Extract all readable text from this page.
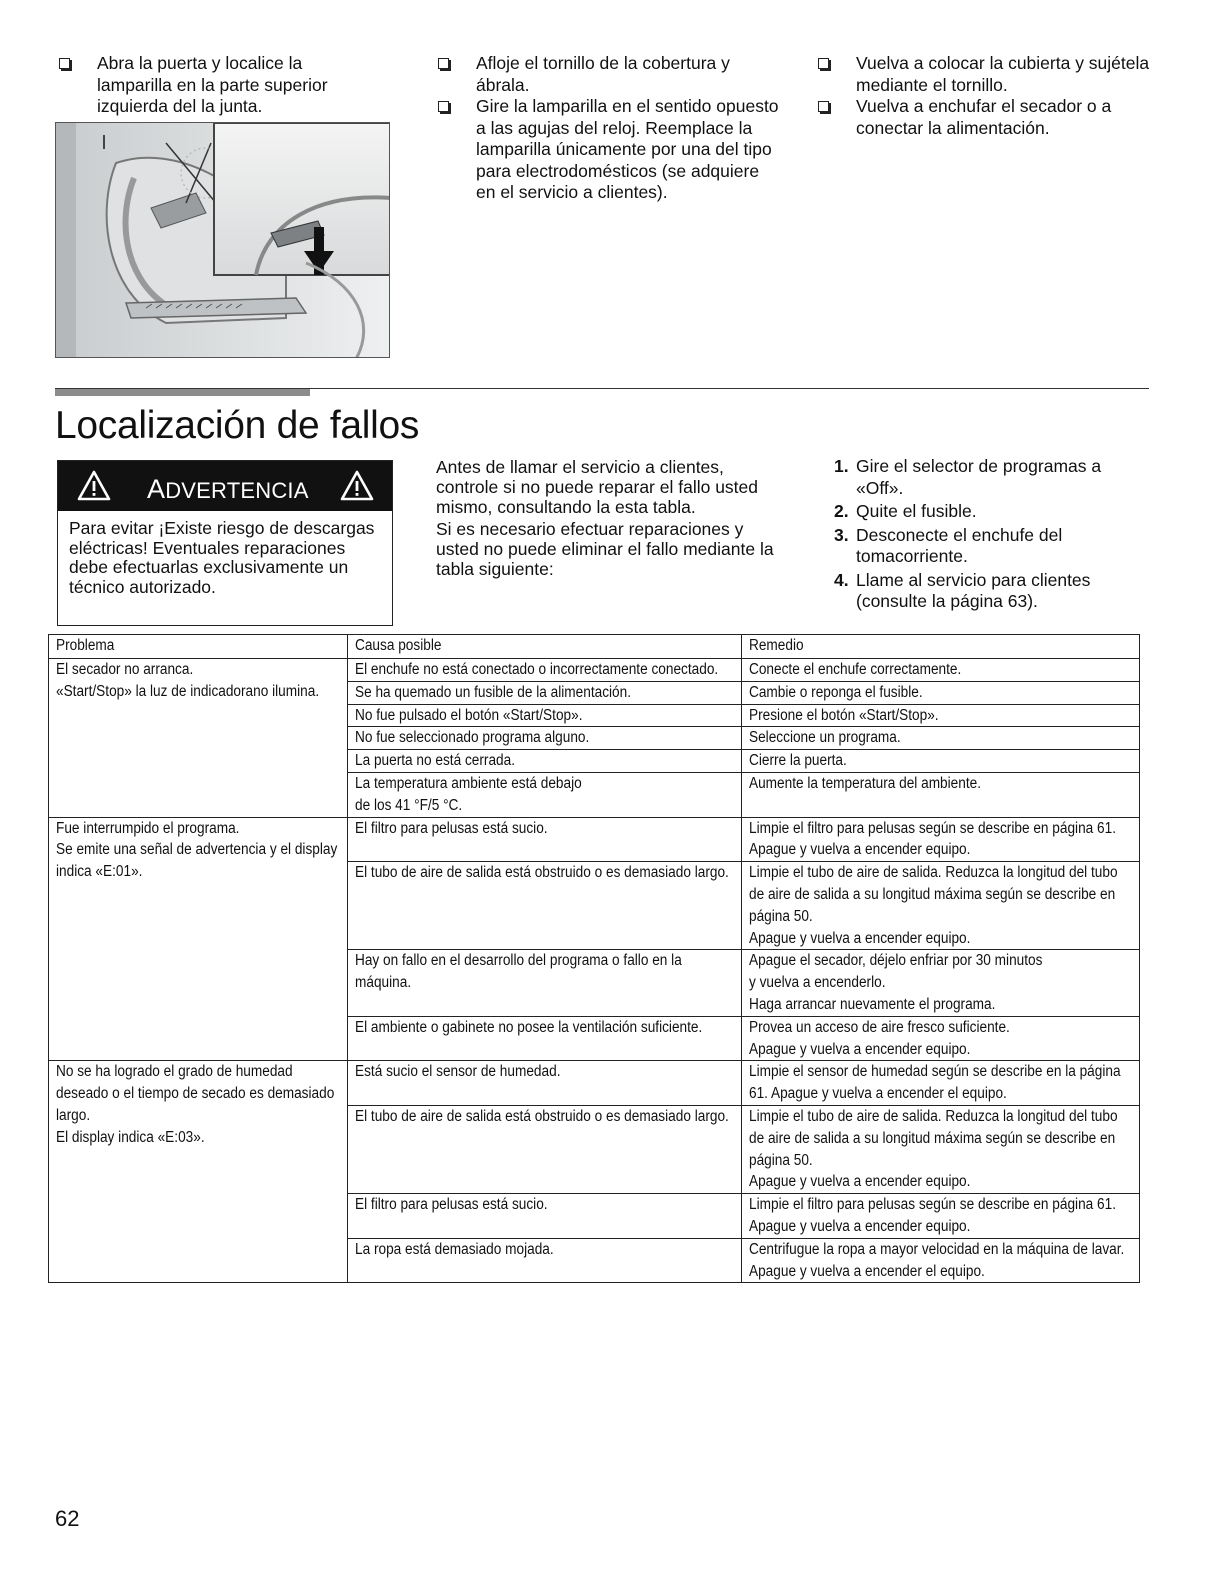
Abra la puerta y localice la lamparilla en la parte superior izquierda del la junta.
Afloje el tornillo de la cobertura y ábrala.
Gire la lamparilla en el sentido opuesto a las agujas del reloj. Reemplace la lamparilla únicamente por una del tipo para electrodomésticos (se adquiere en el servicio a clientes).
Vuelva a colocar la cubierta y sujétela mediante el tornillo.
Vuelva a enchufar el secador o a conectar la alimentación.
Localización de fallos
ADVERTENCIA
Para evitar ¡Existe riesgo de descargas eléctricas! Eventuales reparaciones debe efectuarlas exclusivamente un técnico autorizado.
Antes de llamar el servicio a clientes, controle si no puede reparar el fallo usted mismo, consultando la esta tabla.
Si es necesario efectuar reparaciones y usted no puede eliminar el fallo mediante la tabla siguiente:
1. Gire el selector de programas a «Off».
2. Quite el fusible.
3. Desconecte el enchufe del tomacorriente.
4. Llame al servicio para clientes (consulte la página 63).
Problema	Causa posible	Remedio
El secador no arranca.
«Start/Stop» la luz de indicadorano ilumina.	El enchufe no está conectado o incorrectamente conectado.	Conecte el enchufe correctamente.
	Se ha quemado un fusible de la alimentación.	Cambie o reponga el fusible.
	No fue pulsado el botón «Start/Stop».	Presione el botón «Start/Stop».
	No fue seleccionado programa alguno.	Seleccione un programa.
	La puerta no está cerrada.	Cierre la puerta.
	La temperatura ambiente está debajo
de los 41 °F/5 °C.	Aumente la temperatura del ambiente.
Fue interrumpido el programa.
Se emite una señal de advertencia y el display indica «E:01».	El filtro para pelusas está sucio.	Limpie el filtro para pelusas según se describe en página 61.
Apague y vuelva a encender equipo.
	El tubo de aire de salida está obstruido o es demasiado largo.	Limpie el tubo de aire de salida. Reduzca la longitud del tubo de aire de salida a su longitud máxima según se describe en página 50.
Apague y vuelva a encender equipo.
	Hay on fallo en el desarrollo del programa o fallo en la máquina.	Apague el secador, déjelo enfriar por 30 minutos
y vuelva a encenderlo.
Haga arrancar nuevamente el programa.
	El ambiente o gabinete no posee la ventilación suficiente.	Provea un acceso de aire fresco suficiente.
Apague y vuelva a encender equipo.
No se ha logrado el grado de humedad deseado o el tiempo de secado es demasiado largo.
El display indica «E:03».	Está sucio el sensor de humedad.	Limpie el sensor de humedad según se describe en la página 61. Apague y vuelva a encender el equipo.
	El tubo de aire de salida está obstruido o es demasiado largo.	Limpie el tubo de aire de salida. Reduzca la longitud del tubo de aire de salida a su longitud máxima según se describe en página 50.
Apague y vuelva a encender equipo.
	El filtro para pelusas está sucio.	Limpie el filtro para pelusas según se describe en página 61.
Apague y vuelva a encender equipo.
	La ropa está demasiado mojada.	Centrifugue la ropa a mayor velocidad en la máquina de lavar. Apague y vuelva a encender el equipo.
62
